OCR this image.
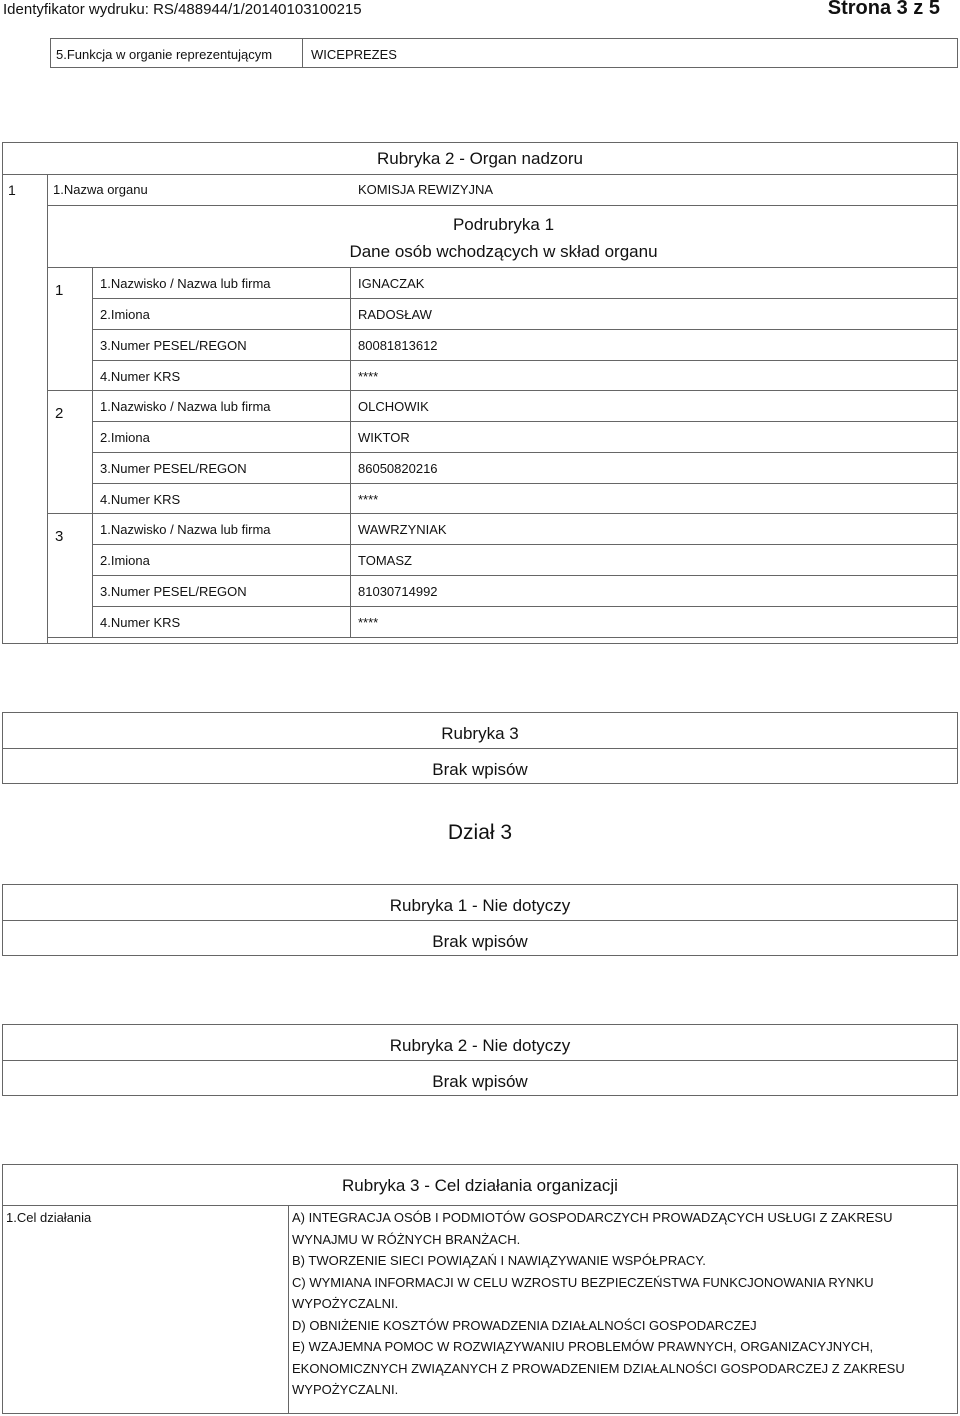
Identyfikator wydruku: RS/488944/1/20140103100215	Strona 3 z 5
5.Funkcja w organie reprezentującym	WICEPREZES
Rubryka 2 - Organ nadzoru
1	1.Nazwa organu	KOMISJA REWIZYJNA
Podrubryka 1
Dane osób wchodzących w skład organu
1	1.Nazwisko / Nazwa lub firma	IGNACZAK
2.Imiona	RADOSŁAW
3.Numer PESEL/REGON	80081813612
4.Numer KRS	****
2	1.Nazwisko / Nazwa lub firma	OLCHOWIK
2.Imiona	WIKTOR
3.Numer PESEL/REGON	86050820216
4.Numer KRS	****
3	1.Nazwisko / Nazwa lub firma	WAWRZYNIAK
2.Imiona	TOMASZ
3.Numer PESEL/REGON	81030714992
4.Numer KRS	****
Rubryka 3
Brak wpisów
Dział 3
Rubryka 1 - Nie dotyczy
Brak wpisów
Rubryka 2 - Nie dotyczy
Brak wpisów
Rubryka 3 - Cel działania organizacji
1.Cel działania	A) INTEGRACJA OSÓB I PODMIOTÓW GOSPODARCZYCH PROWADZĄCYCH USŁUGI Z ZAKRESU
WYNAJMU W RÓŻNYCH BRANŻACH.
B) TWORZENIE SIECI POWIĄZAŃ I NAWIĄZYWANIE WSPÓŁPRACY.
C) WYMIANA INFORMACJI W CELU WZROSTU BEZPIECZEŃSTWA FUNKCJONOWANIA RYNKU
WYPOŻYCZALNI.
D) OBNIŻENIE KOSZTÓW PROWADZENIA DZIAŁALNOŚCI GOSPODARCZEJ
E) WZAJEMNA POMOC W ROZWIĄZYWANIU PROBLEMÓW PRAWNYCH, ORGANIZACYJNYCH,
EKONOMICZNYCH ZWIĄZANYCH Z PROWADZENIEM DZIAŁALNOŚCI GOSPODARCZEJ Z ZAKRESU
WYPOŻYCZALNI.
